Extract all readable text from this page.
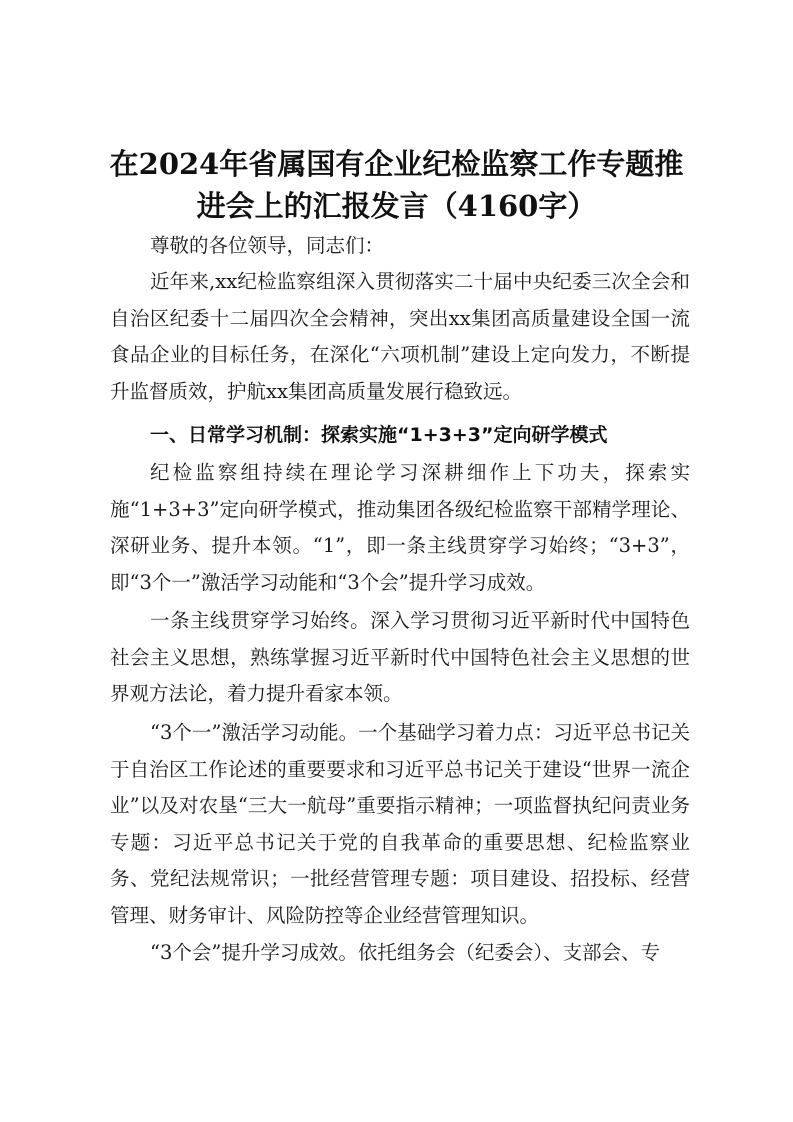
在2024年省属国有企业纪检监察工作专题推
进会上的汇报发言（4160字）

尊敬的各位领导，同志们：

近年来,xx纪检监察组深入贯彻落实二十届中央纪委三次全会和自治区纪委十二届四次全会精神，突出xx集团高质量建设全国一流食品企业的目标任务，在深化“六项机制”建设上定向发力，不断提升监督质效，护航xx集团高质量发展行稳致远。

一、日常学习机制：探索实施“1+3+3”定向研学模式

纪检监察组持续在理论学习深耕细作上下功夫，探索实施“1+3+3”定向研学模式，推动集团各级纪检监察干部精学理论、深研业务、提升本领。“1”，即一条主线贯穿学习始终；“3+3”，即“3个一”激活学习动能和“3个会”提升学习成效。

一条主线贯穿学习始终。深入学习贯彻习近平新时代中国特色社会主义思想，熟练掌握习近平新时代中国特色社会主义思想的世界观方法论，着力提升看家本领。

“3个一”激活学习动能。一个基础学习着力点：习近平总书记关于自治区工作论述的重要要求和习近平总书记关于建设“世界一流企业”以及对农垦“三大一航母”重要指示精神；一项监督执纪问责业务专题：习近平总书记关于党的自我革命的重要思想、纪检监察业务、党纪法规常识；一批经营管理专题：项目建设、招投标、经营管理、财务审计、风险防控等企业经营管理知识。

“3个会”提升学习成效。依托组务会（纪委会）、支部会、专
